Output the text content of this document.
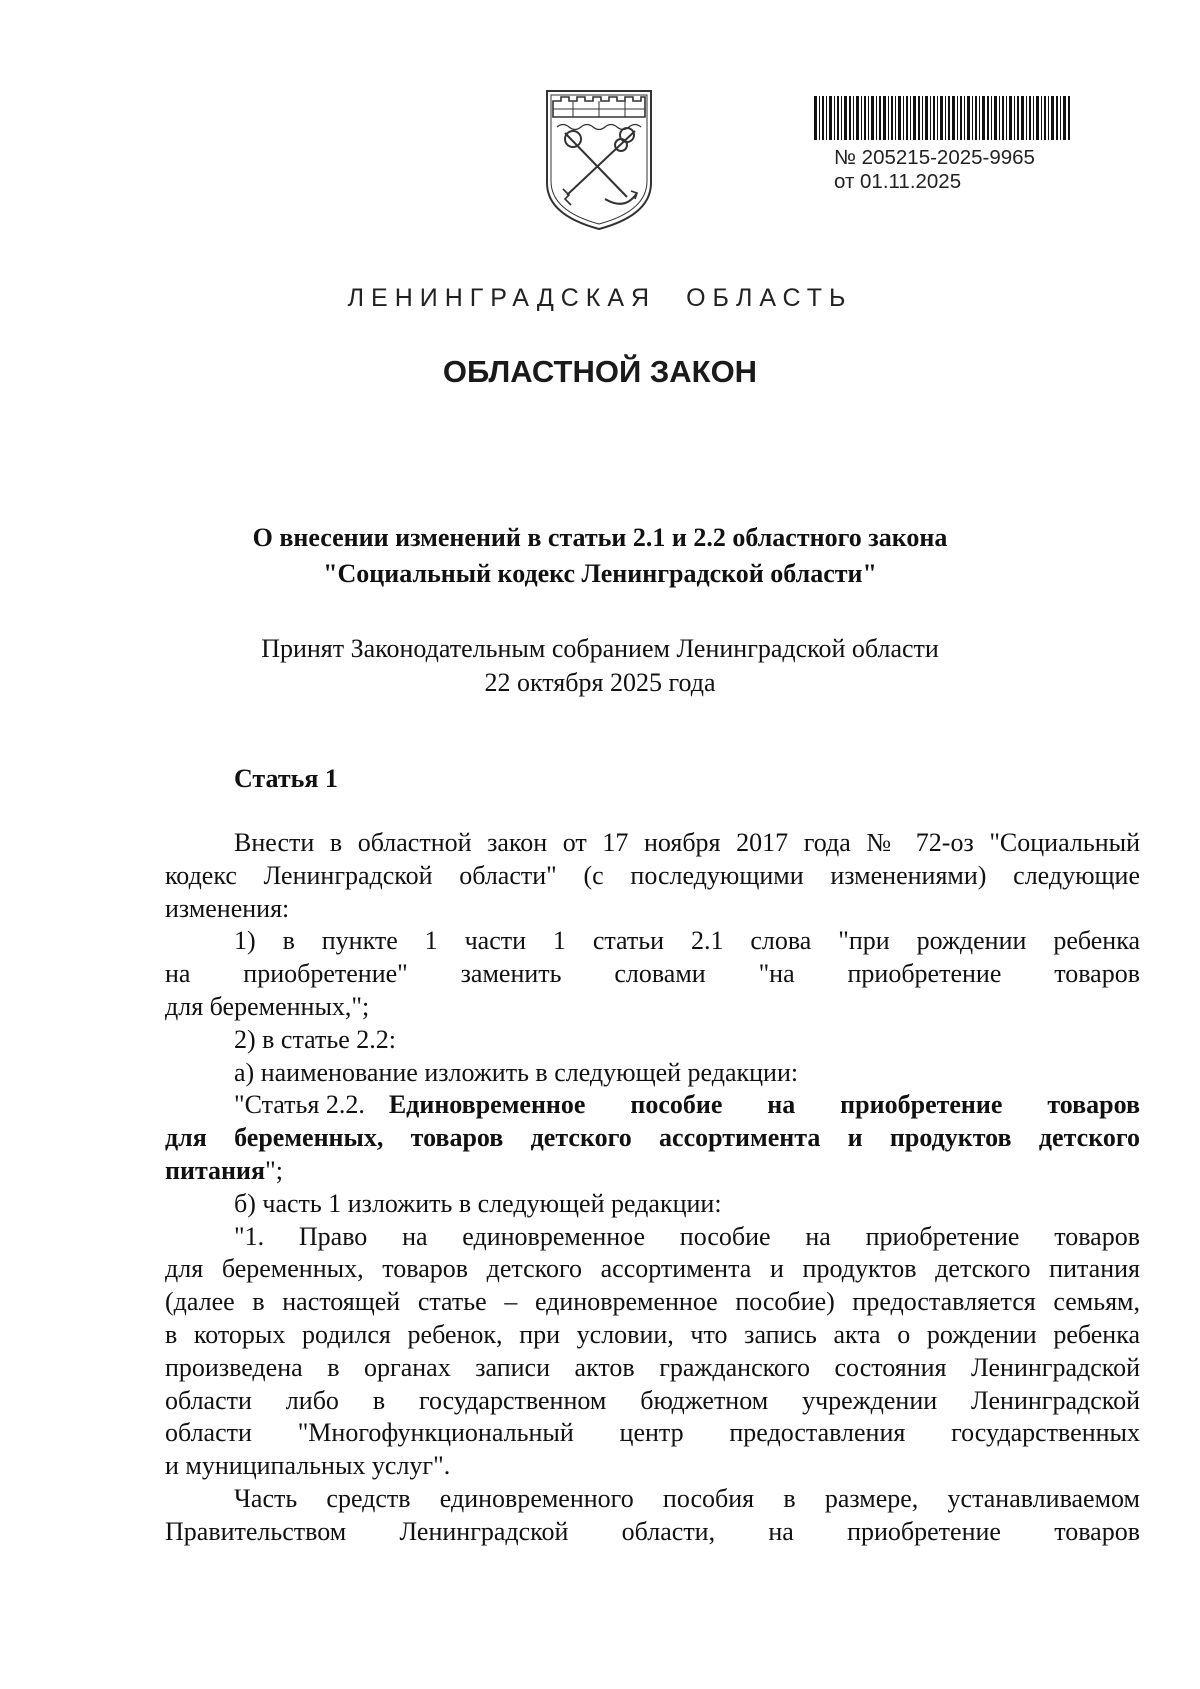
№ 205215-2025-9965
от 01.11.2025
ЛЕНИНГРАДСКАЯ ОБЛАСТЬ
ОБЛАСТНОЙ ЗАКОН
О внесении изменений в статьи 2.1 и 2.2 областного закона
"Социальный кодекс Ленинградской области"
Принят Законодательным собранием Ленинградской области
22 октября 2025 года
Статья 1
Внести в областной закон от 17 ноября 2017 года № 72-оз "Социальный
кодекс Ленинградской области" (с последующими изменениями) следующие
изменения:
1) в пункте 1 части 1 статьи 2.1 слова "при рождении ребенка
на приобретение" заменить словами "на приобретение товаров
для беременных,";
2) в статье 2.2:
а) наименование изложить в следующей редакции:
"Статья 2.2. Единовременное пособие на приобретение товаров
для беременных, товаров детского ассортимента и продуктов детского
питания";
б) часть 1 изложить в следующей редакции:
"1. Право на единовременное пособие на приобретение товаров
для беременных, товаров детского ассортимента и продуктов детского питания
(далее в настоящей статье – единовременное пособие) предоставляется семьям,
в которых родился ребенок, при условии, что запись акта о рождении ребенка
произведена в органах записи актов гражданского состояния Ленинградской
области либо в государственном бюджетном учреждении Ленинградской
области "Многофункциональный центр предоставления государственных
и муниципальных услуг".
Часть средств единовременного пособия в размере, устанавливаемом
Правительством Ленинградской области, на приобретение товаров
